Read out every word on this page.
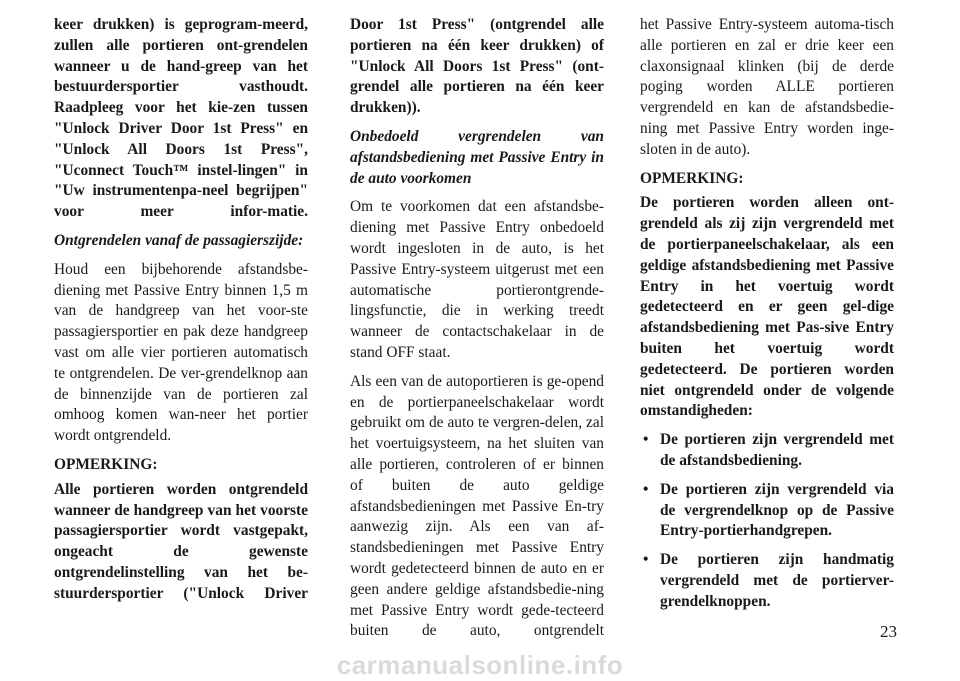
keer drukken) is geprogram-meerd, zullen alle portieren ont-grendelen wanneer u de hand-greep van het bestuurdersportier vasthoudt. Raadpleeg voor het kie-zen tussen "Unlock Driver Door 1st Press" en "Unlock All Doors 1st Press", "Uconnect Touch™ instel-lingen" in "Uw instrumentenpa-neel begrijpen" voor meer infor-matie.

Ontgrendelen vanaf de passagierszijde:

Houd een bijbehorende afstandsbe-diening met Passive Entry binnen 1,5 m van de handgreep van het voor-ste passagiersportier en pak deze handgreep vast om alle vier portieren automatisch te ontgrendelen. De ver-grendelknop aan de binnenzijde van de portieren zal omhoog komen wan-neer het portier wordt ontgrendeld.

OPMERKING:

Alle portieren worden ontgrendeld wanneer de handgreep van het voorste passagiersportier wordt vastgepakt, ongeacht de gewenste ontgrendelinstelling van het be-stuurdersportier ("Unlock Driver

Door 1st Press" (ontgrendel alle portieren na één keer drukken) of "Unlock All Doors 1st Press" (ont-grendel alle portieren na één keer drukken)).

Onbedoeld vergrendelen van afstandsbediening met Passive Entry in de auto voorkomen

Om te voorkomen dat een afstandsbe-diening met Passive Entry onbedoeld wordt ingesloten in de auto, is het Passive Entry-systeem uitgerust met een automatische portierontgrende-lingsfunctie, die in werking treedt wanneer de contactschakelaar in de stand OFF staat.

Als een van de autoportieren is ge-opend en de portierpaneelschakelaar wordt gebruikt om de auto te vergren-delen, zal het voertuigsysteem, na het sluiten van alle portieren, controleren of er binnen of buiten de auto geldige afstandsbedieningen met Passive En-try aanwezig zijn. Als een van af-standsbedieningen met Passive Entry wordt gedetecteerd binnen de auto en er geen andere geldige afstandsbedie-ning met Passive Entry wordt gede-tecteerd buiten de auto, ontgrendelt

het Passive Entry-systeem automa-tisch alle portieren en zal er drie keer een claxonsignaal klinken (bij de derde poging worden ALLE portieren vergrendeld en kan de afstandsbedie-ning met Passive Entry worden inge-sloten in de auto).

OPMERKING:

De portieren worden alleen ont-grendeld als zij zijn vergrendeld met de portierpaneelschakelaar, als een geldige afstandsbediening met Passive Entry in het voertuig wordt gedetecteerd en er geen gel-dige afstandsbediening met Pas-sive Entry buiten het voertuig wordt gedetecteerd. De portieren worden niet ontgrendeld onder de volgende omstandigheden:

• De portieren zijn vergrendeld met de afstandsbediening.
• De portieren zijn vergrendeld via de vergrendelknop op de Passive Entry-portierhandgrepen.
• De portieren zijn handmatig vergrendeld met de portierver-grendelknoppen.
23
carmanualsonline.info
